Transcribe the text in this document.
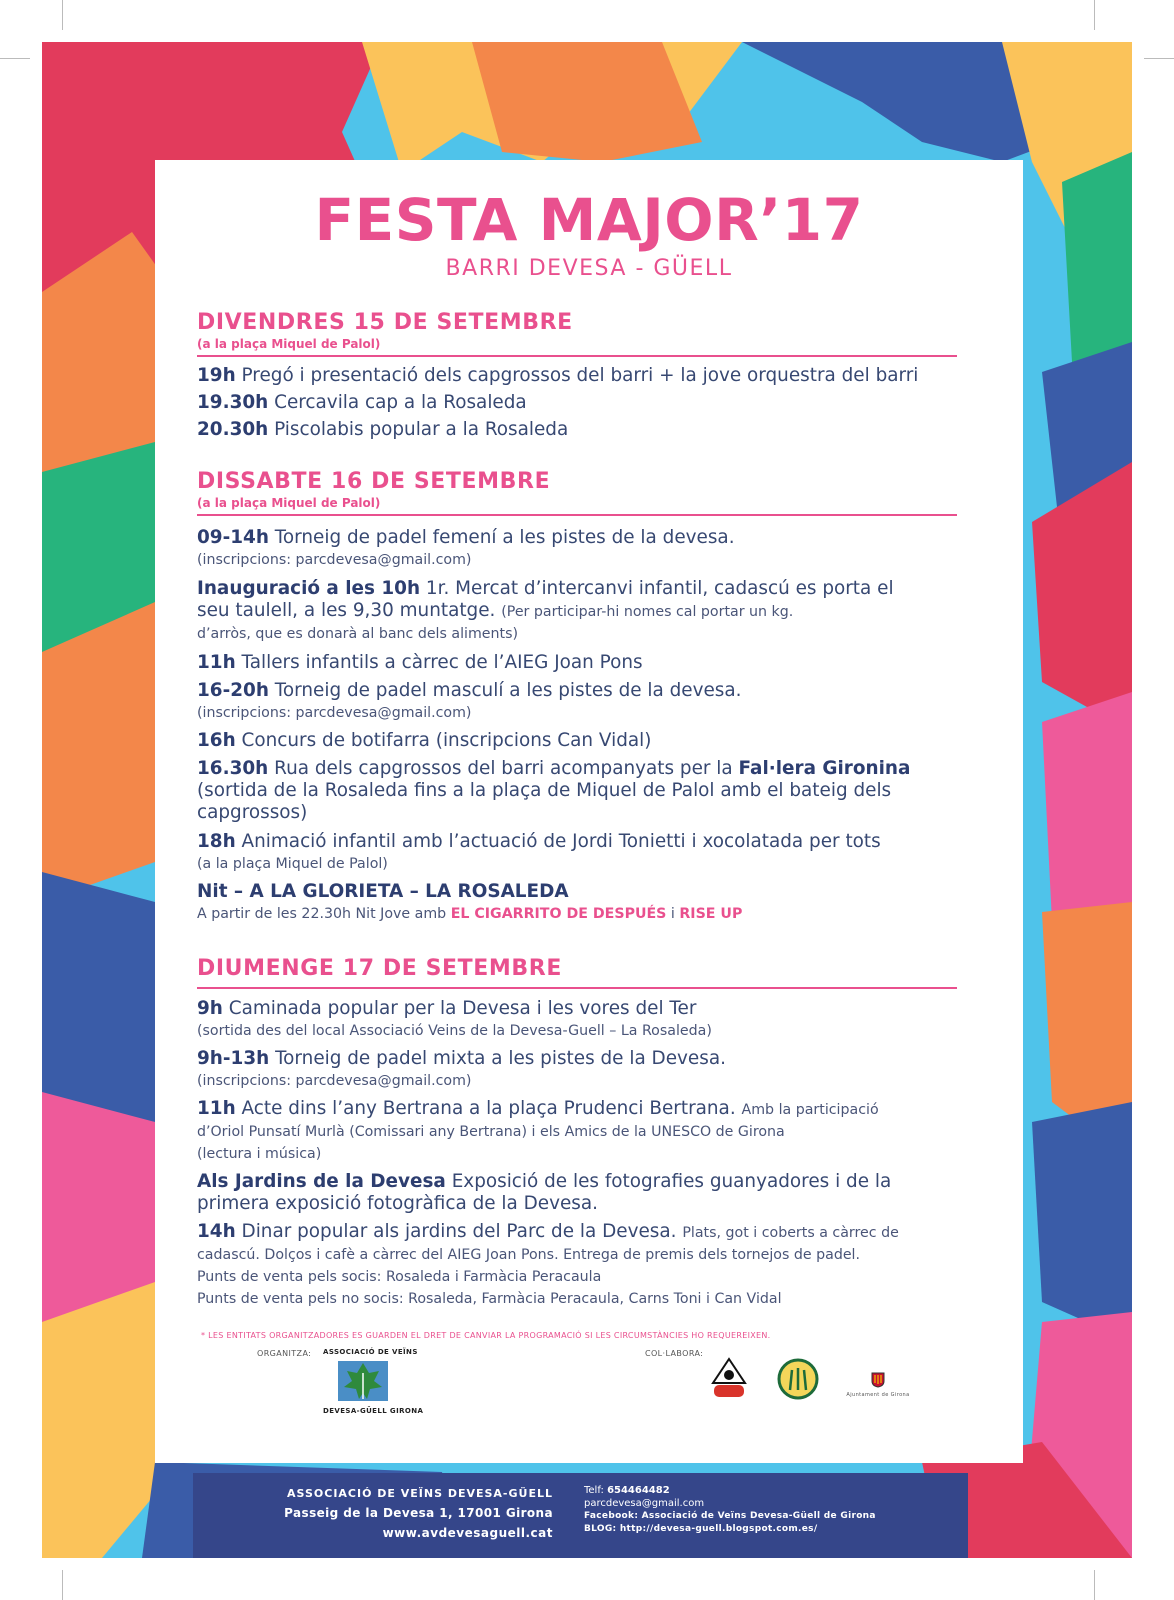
FESTA MAJOR’17
BARRI DEVESA - GÜELL
DIVENDRES 15 DE SETEMBRE
(a la plaça Miquel de Palol)
19h Pregó i presentació dels capgrossos del barri + la jove orquestra del barri
19.30h Cercavila cap a la Rosaleda
20.30h Piscolabis popular a la Rosaleda
DISSABTE 16 DE SETEMBRE
(a la plaça Miquel de Palol)
09-14h Torneig de padel femení a les pistes de la devesa.
(inscripcions: parcdevesa@gmail.com)
Inauguració a les 10h 1r. Mercat d’intercanvi infantil, cadascú es porta el
seu taulell, a les 9,30 muntatge. (Per participar-hi nomes cal portar un kg.
d’arròs, que es donarà al banc dels aliments)
11h Tallers infantils a càrrec de l’AIEG Joan Pons
16-20h Torneig de padel masculí a les pistes de la devesa.
(inscripcions: parcdevesa@gmail.com)
16h Concurs de botifarra (inscripcions Can Vidal)
16.30h Rua dels capgrossos del barri acompanyats per la Fal·lera Gironina
(sortida de la Rosaleda fins a la plaça de Miquel de Palol amb el bateig dels
capgrossos)
18h Animació infantil amb l’actuació de Jordi Tonietti i xocolatada per tots
(a la plaça Miquel de Palol)
Nit – A LA GLORIETA – LA ROSALEDA
A partir de les 22.30h Nit Jove amb EL CIGARRITO DE DESPUÉS i RISE UP
DIUMENGE 17 DE SETEMBRE
9h Caminada popular per la Devesa i les vores del Ter
(sortida des del local Associació Veins de la Devesa-Guell – La Rosaleda)
9h-13h Torneig de padel mixta a les pistes de la Devesa.
(inscripcions: parcdevesa@gmail.com)
11h Acte dins l’any Bertrana a la plaça Prudenci Bertrana. Amb la participació
d’Oriol Punsatí Murlà (Comissari any Bertrana) i els Amics de la UNESCO de Girona
(lectura i música)
Als Jardins de la Devesa Exposició de les fotografies guanyadores i de la
primera exposició fotogràfica de la Devesa.
14h Dinar popular als jardins del Parc de la Devesa. Plats, got i coberts a càrrec de
cadascú. Dolços i cafè a càrrec del AIEG Joan Pons. Entrega de premis dels tornejos de padel.
Punts de venta pels socis: Rosaleda i Farmàcia Peracaula
Punts de venta pels no socis: Rosaleda, Farmàcia Peracaula, Carns Toni i Can Vidal
* LES ENTITATS ORGANITZADORES ES GUARDEN EL DRET DE CANVIAR LA PROGRAMACIÓ SI LES CIRCUMSTÀNCIES HO REQUEREIXEN.
ORGANITZA: ASSOCIACIÓ DE VEÏNS
DEVESA-GÜELL GIRONA
COL·LABORA:
Ajuntament de Girona
ASSOCIACIÓ DE VEÏNS DEVESA-GÜELL
Passeig de la Devesa 1, 17001 Girona
www.avdevesaguell.cat
Telf: 654464482
parcdevesa@gmail.com
Facebook: Associació de Veïns Devesa-Güell de Girona
BLOG: http://devesa-guell.blogspot.com.es/
